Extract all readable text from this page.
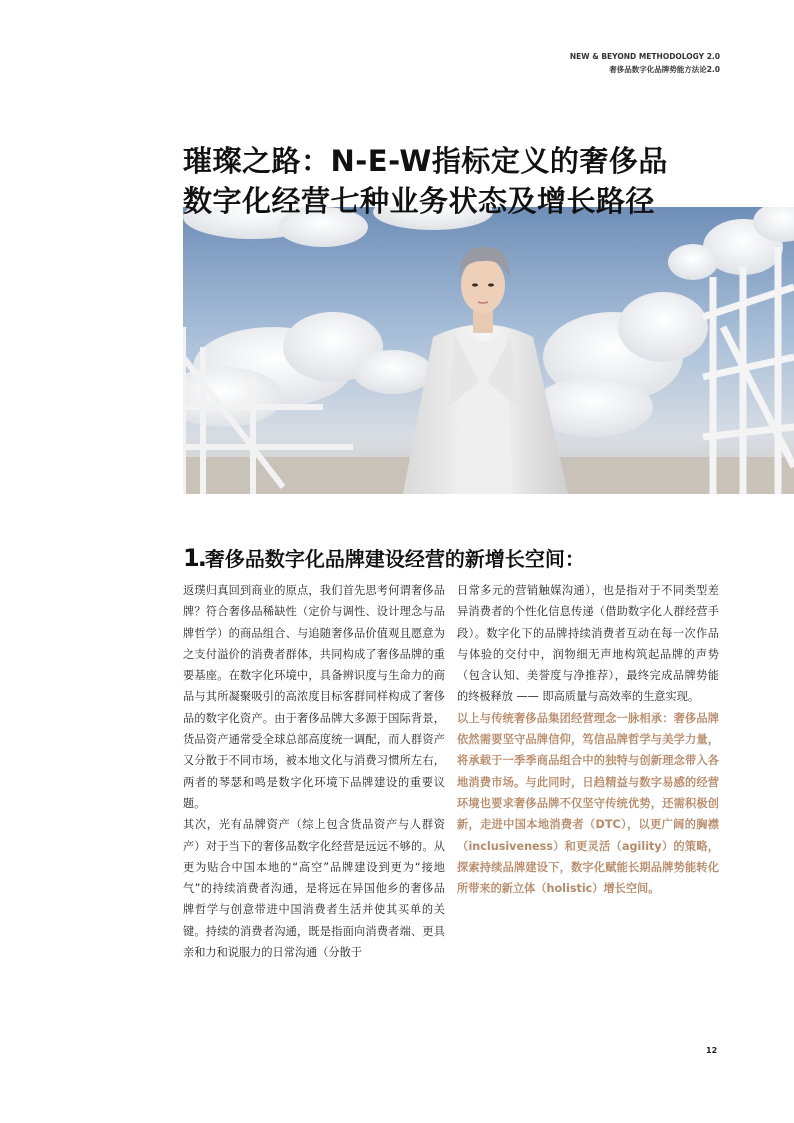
NEW & BEYOND METHODOLOGY 2.0
奢侈品数字化品牌势能方法论2.0
璀璨之路：N-E-W指标定义的奢侈品
数字化经营七种业务状态及增长路径
1.奢侈品数字化品牌建设经营的新增长空间：

返璞归真回到商业的原点，我们首先思考何谓奢侈品牌？符合奢侈品稀缺性（定价与调性、设计理念与品牌哲学）的商品组合、与追随奢侈品价值观且愿意为之支付溢价的消费者群体，共同构成了奢侈品牌的重要基座。在数字化环境中，具备辨识度与生命力的商品与其所凝聚吸引的高浓度目标客群同样构成了奢侈品的数字化资产。由于奢侈品牌大多源于国际背景，货品资产通常受全球总部高度统一调配，而人群资产又分散于不同市场，被本地文化与消费习惯所左右，两者的琴瑟和鸣是数字化环境下品牌建设的重要议题。

其次，光有品牌资产（综上包含货品资产与人群资产）对于当下的奢侈品数字化经营是远远不够的。从更为贴合中国本地的“高空”品牌建设到更为“接地气”的持续消费者沟通，是将远在异国他乡的奢侈品牌哲学与创意带进中国消费者生活并使其买单的关键。持续的消费者沟通，既是指面向消费者端、更具亲和力和说服力的日常沟通（分散于

日常多元的营销触媒沟通），也是指对于不同类型差异消费者的个性化信息传递（借助数字化人群经营手段）。数字化下的品牌持续消费者互动在每一次作品与体验的交付中，润物细无声地构筑起品牌的声势（包含认知、美誉度与净推荐），最终完成品牌势能的终极释放 —— 即高质量与高效率的生意实现。

以上与传统奢侈品集团经营理念一脉相承：奢侈品牌依然需要坚守品牌信仰，笃信品牌哲学与美学力量，将承载于一季季商品组合中的独特与创新理念带入各地消费市场。与此同时，日趋精益与数字易感的经营环境也要求奢侈品牌不仅坚守传统优势，还需积极创新，走进中国本地消费者（DTC），以更广阔的胸襟（inclusiveness）和更灵活（agility）的策略，探索持续品牌建设下，数字化赋能长期品牌势能转化所带来的新立体（holistic）增长空间。

12
